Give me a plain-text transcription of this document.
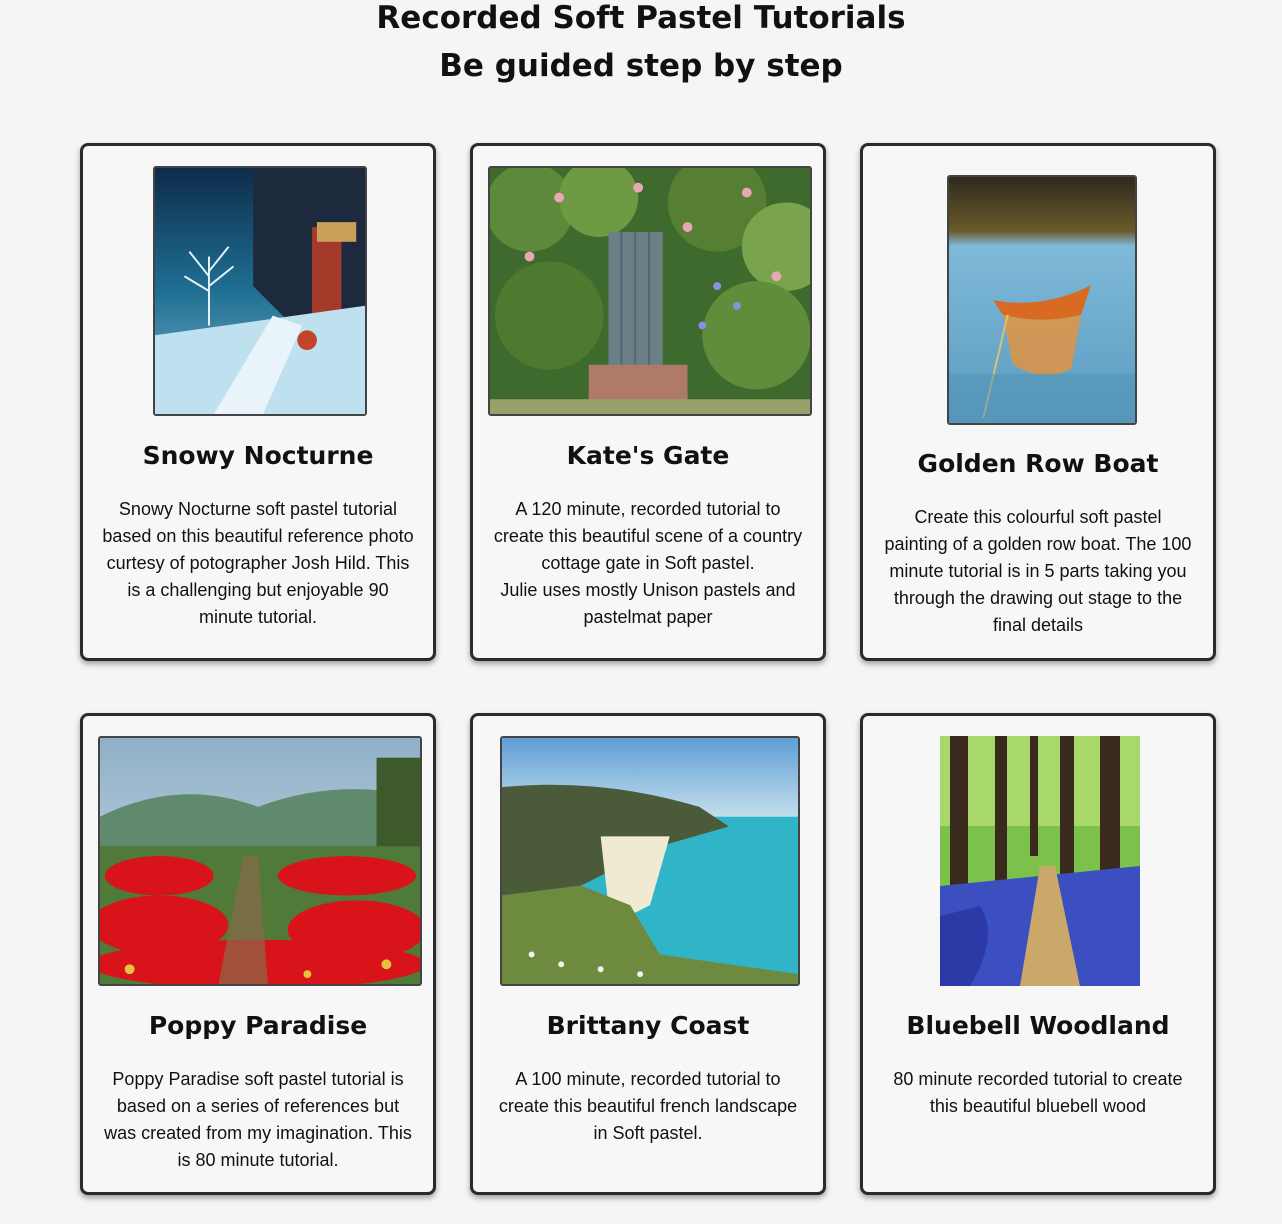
Recorded Soft Pastel Tutorials
Be guided step by step
Snowy Nocturne

Snowy Nocturne soft pastel tutorial based on this beautiful reference photo curtesy of potographer Josh Hild. This is a challenging but enjoyable 90 minute tutorial.

Kate's Gate

A 120 minute, recorded tutorial to create this beautiful scene of a country cottage gate in Soft pastel.
Julie uses mostly Unison pastels and pastelmat paper

Golden Row Boat

Create this colourful soft pastel painting of a golden row boat. The 100 minute tutorial is in 5 parts taking you through the drawing out stage to the final details

Poppy Paradise

Poppy Paradise soft pastel tutorial is based on a series of references but was created from my imagination. This is 80 minute tutorial.

Brittany Coast

A 100 minute, recorded tutorial to create this beautiful french landscape in Soft pastel.

Bluebell Woodland

80 minute recorded tutorial to create this beautiful bluebell wood
